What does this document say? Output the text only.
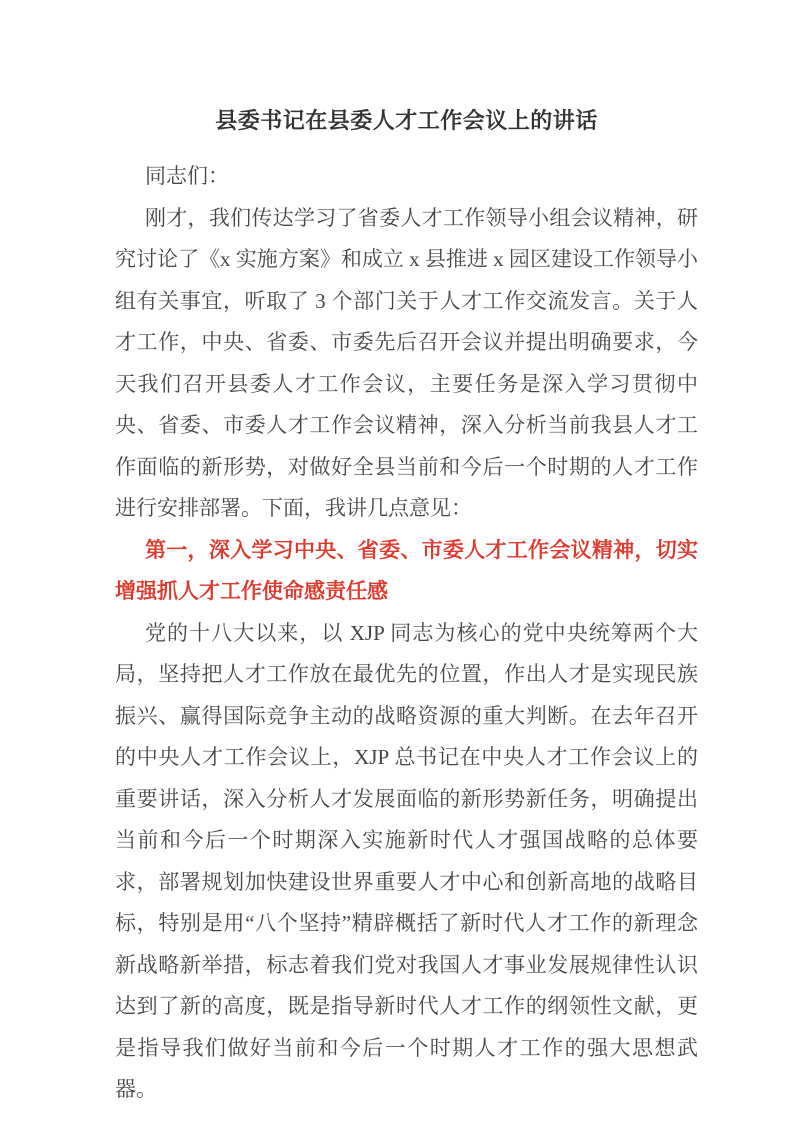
县委书记在县委人才工作会议上的讲话

同志们：

刚才，我们传达学习了省委人才工作领导小组会议精神，研究讨论了《x 实施方案》和成立 x 县推进 x 园区建设工作领导小组有关事宜，听取了 3 个部门关于人才工作交流发言。关于人才工作，中央、省委、市委先后召开会议并提出明确要求，今天我们召开县委人才工作会议，主要任务是深入学习贯彻中央、省委、市委人才工作会议精神，深入分析当前我县人才工作面临的新形势，对做好全县当前和今后一个时期的人才工作进行安排部署。下面，我讲几点意见：

第一，深入学习中央、省委、市委人才工作会议精神，切实增强抓人才工作使命感责任感

党的十八大以来，以 XJP 同志为核心的党中央统筹两个大局，坚持把人才工作放在最优先的位置，作出人才是实现民族振兴、赢得国际竞争主动的战略资源的重大判断。在去年召开的中央人才工作会议上，XJP 总书记在中央人才工作会议上的重要讲话，深入分析人才发展面临的新形势新任务，明确提出当前和今后一个时期深入实施新时代人才强国战略的总体要求，部署规划加快建设世界重要人才中心和创新高地的战略目标，特别是用“八个坚持”精辟概括了新时代人才工作的新理念新战略新举措，标志着我们党对我国人才事业发展规律性认识达到了新的高度，既是指导新时代人才工作的纲领性文献，更是指导我们做好当前和今后一个时期人才工作的强大思想武器。
